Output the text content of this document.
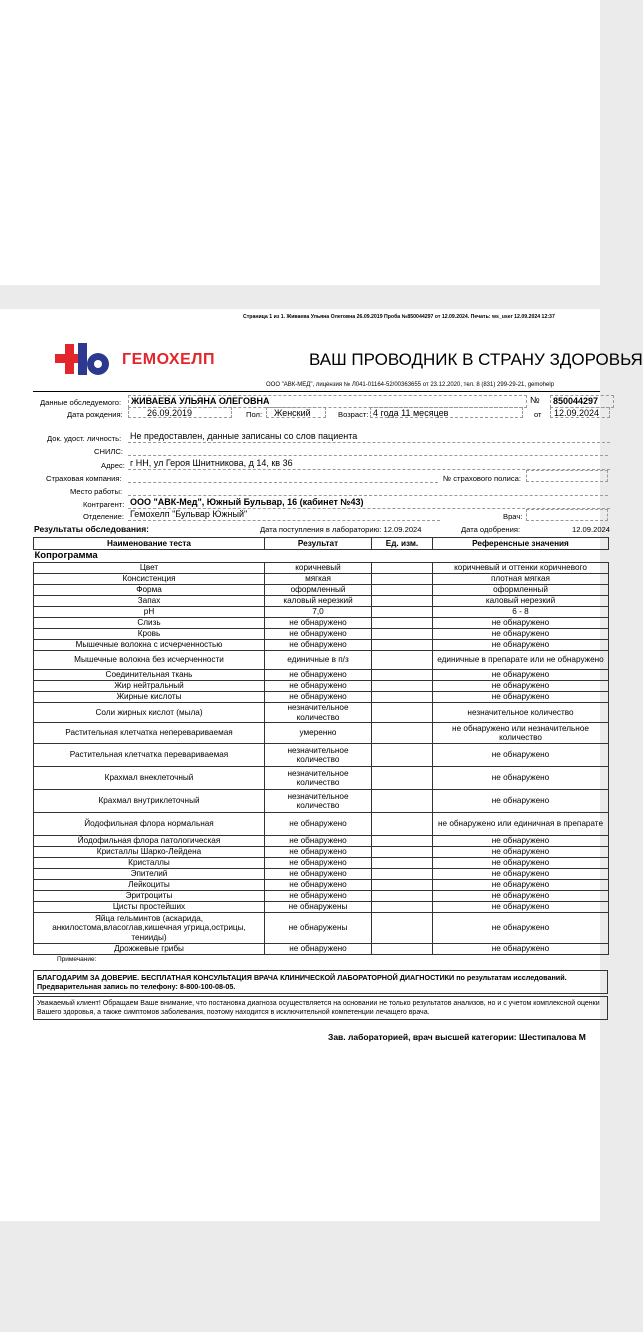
Страница 1 из 1. Живаева Ульяна Олеговна 26.09.2019 Проба №850044297 от 12.09.2024. Печать: ws_user 12.09.2024 12:37
ГЕМОХЕЛП	ВАШ ПРОВОДНИК В СТРАНУ ЗДОРОВЬЯ
ООО "АВК-МЕД", лицензия № Л041-01164-52/00363655 от 23.12.2020, тел. 8 (831) 299-29-21, gemohelp
Данные обследуемого:	ЖИВАЕВА УЛЬЯНА ОЛЕГОВНА	№	850044297
Дата рождения:	26.09.2019	Пол:	Женский	Возраст: 4 года 11 месяцев	от	12.09.2024
Док. удост. личность: Не предоставлен, данные записаны со слов пациента
СНИЛС:
Адрес: г НН, ул Героя Шнитникова, д 14, кв 36
Страховая компания:	№ страхового полиса:
Место работы:
Контрагент: ООО "АВК-Мед", Южный Бульвар, 16 (кабинет №43)
Отделение: Гемохелп "Бульвар Южный"	Врач:
Результаты обследования:	Дата поступления в лабораторию: 12.09.2024	Дата одобрения:	12.09.2024
Наименование теста	Результат	Ед. изм.	Референсные значения
Копрограмма			
Цвет	коричневый		коричневый и оттенки коричневого
Консистенция	мягкая		плотная мягкая
Форма	оформленный		оформленный
Запах	каловый нерезкий		каловый нерезкий
pH	7,0		6 - 8
Слизь	не обнаружено		не обнаружено
Кровь	не обнаружено		не обнаружено
Мышечные волокна с исчерченностью	не обнаружено		не обнаружено
Мышечные волокна без исчерченности	единичные в п/з		единичные в препарате или не обнаружено
Соединительная ткань	не обнаружено		не обнаружено
Жир нейтральный	не обнаружено		не обнаружено
Жирные кислоты	не обнаружено		не обнаружено
Соли жирных кислот (мыла)	незначительное количество		незначительное количество
Растительная клетчатка неперевариваемая	умеренно		не обнаружено или незначительное количество
Растительная клетчатка перевариваемая	незначительное количество		не обнаружено
Крахмал внеклеточный	незначительное количество		не обнаружено
Крахмал внутриклеточный	незначительное количество		не обнаружено
Йодофильная флора нормальная	не обнаружено		не обнаружено или единичная в препарате
Йодофильная флора патологическая	не обнаружено		не обнаружено
Кристаллы Шарко-Лейдена	не обнаружено		не обнаружено
Кристаллы	не обнаружено		не обнаружено
Эпителий	не обнаружено		не обнаружено
Лейкоциты	не обнаружено		не обнаружено
Эритроциты	не обнаружено		не обнаружено
Цисты простейших	не обнаружены		не обнаружено
Яйца гельминтов (аскарида, анкилостома,власоглав,кишечная угрица,острицы, тенииды)	не обнаружены		не обнаружено
Дрожжевые грибы	не обнаружено		не обнаружено
Примечание:
БЛАГОДАРИМ ЗА ДОВЕРИЕ. БЕСПЛАТНАЯ КОНСУЛЬТАЦИЯ ВРАЧА КЛИНИЧЕСКОЙ ЛАБОРАТОРНОЙ ДИАГНОСТИКИ по результатам исследований. Предварительная запись по телефону: 8-800-100-08-05.
Уважаемый клиент! Обращаем Ваше внимание, что постановка диагноза осуществляется на основании не только результатов анализов, но и с учетом комплексной оценки Вашего здоровья, а также симптомов заболевания, поэтому находится в исключительной компетенции лечащего врача.
Зав. лабораторией, врач высшей категории: Шестипалова М
